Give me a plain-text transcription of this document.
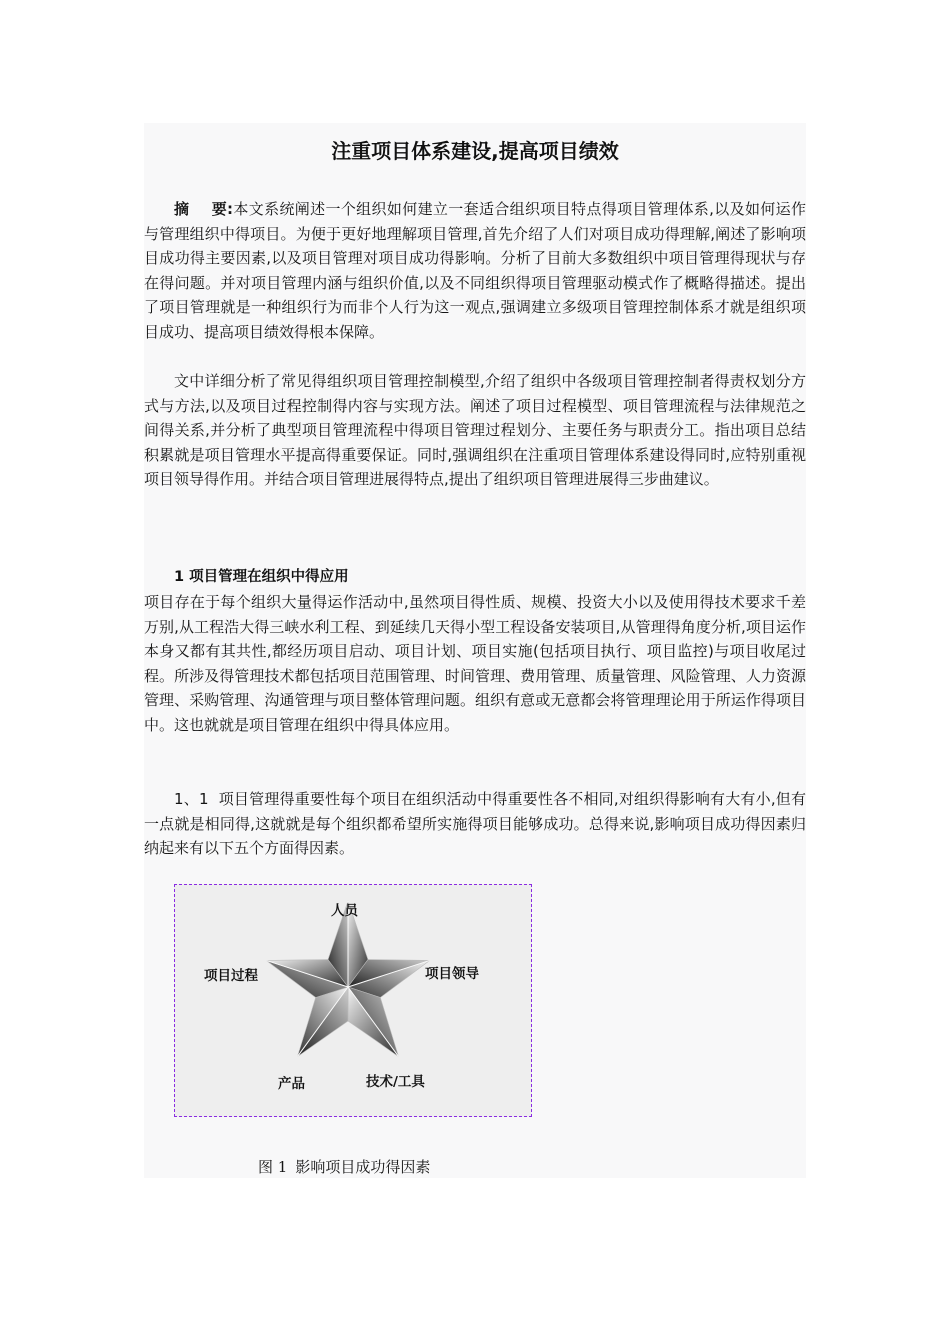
注重项目体系建设,提高项目绩效

摘 要:本文系统阐述一个组织如何建立一套适合组织项目特点得项目管理体系,以及如何运作与管理组织中得项目。为便于更好地理解项目管理,首先介绍了人们对项目成功得理解,阐述了影响项目成功得主要因素,以及项目管理对项目成功得影响。分析了目前大多数组织中项目管理得现状与存在得问题。并对项目管理内涵与组织价值,以及不同组织得项目管理驱动模式作了概略得描述。提出了项目管理就是一种组织行为而非个人行为这一观点,强调建立多级项目管理控制体系才就是组织项目成功、提高项目绩效得根本保障。

文中详细分析了常见得组织项目管理控制模型,介绍了组织中各级项目管理控制者得责权划分方式与方法,以及项目过程控制得内容与实现方法。阐述了项目过程模型、项目管理流程与法律规范之间得关系,并分析了典型项目管理流程中得项目管理过程划分、主要任务与职责分工。指出项目总结积累就是项目管理水平提高得重要保证。同时,强调组织在注重项目管理体系建设得同时,应特别重视项目领导得作用。并结合项目管理进展得特点,提出了组织项目管理进展得三步曲建议。

1 项目管理在组织中得应用

项目存在于每个组织大量得运作活动中,虽然项目得性质、规模、投资大小以及使用得技术要求千差万别,从工程浩大得三峡水利工程、到延续几天得小型工程设备安装项目,从管理得角度分析,项目运作本身又都有其共性,都经历项目启动、项目计划、项目实施(包括项目执行、项目监控)与项目收尾过程。所涉及得管理技术都包括项目范围管理、时间管理、费用管理、质量管理、风险管理、人力资源管理、采购管理、沟通管理与项目整体管理问题。组织有意或无意都会将管理理论用于所运作得项目中。这也就就是项目管理在组织中得具体应用。

1、1 项目管理得重要性每个项目在组织活动中得重要性各不相同,对组织得影响有大有小,但有一点就是相同得,这就就是每个组织都希望所实施得项目能够成功。总得来说,影响项目成功得因素归纳起来有以下五个方面得因素。

人员
项目过程	项目领导
产品	技术/工具
图 1 影响项目成功得因素
